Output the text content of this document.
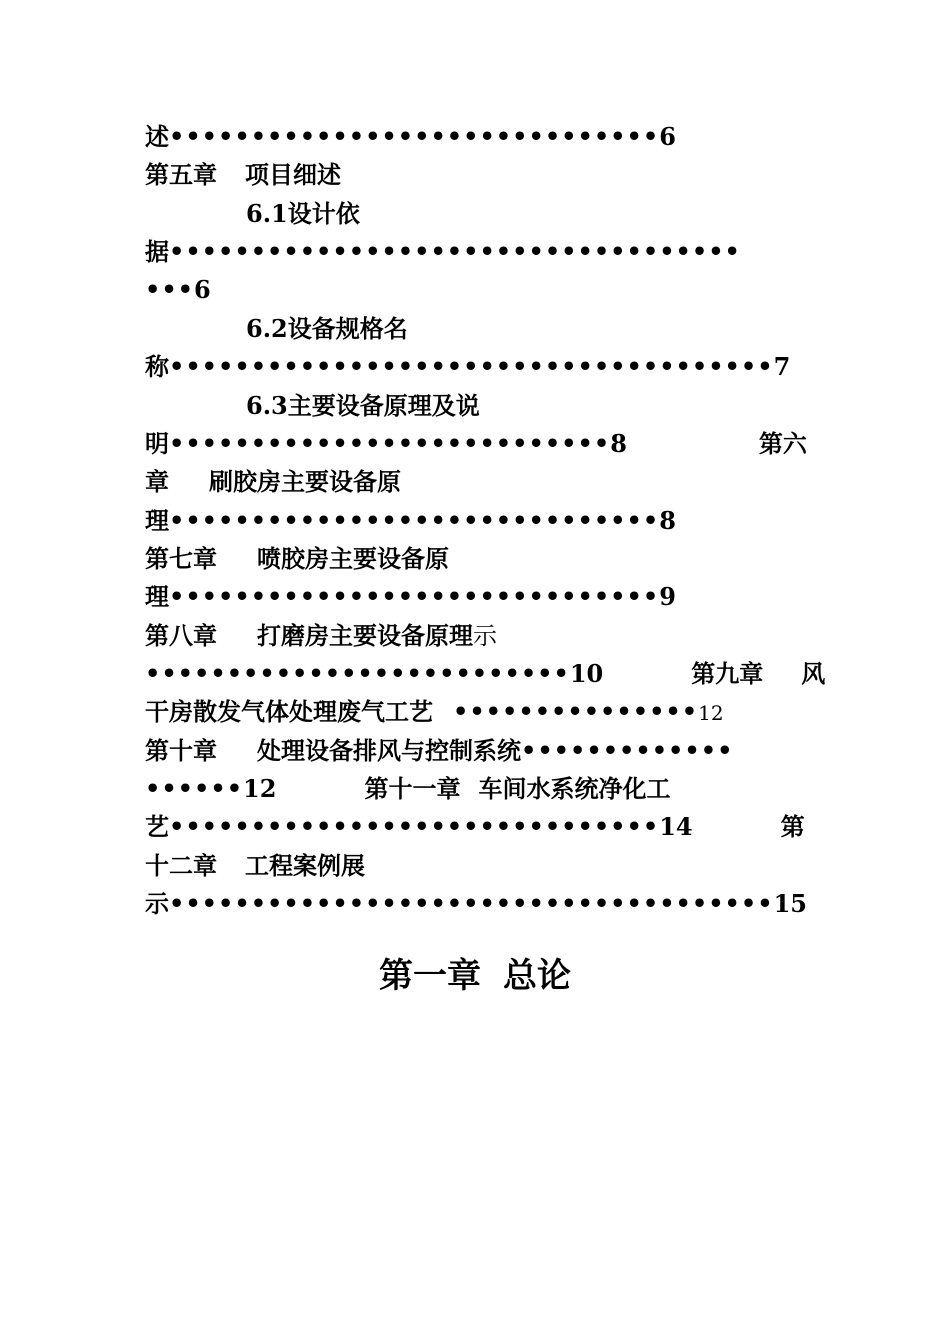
述••••••••••••••••••••••••••••••6
第五章 项目细述
6.1设计依
据•••••••••••••••••••••••••••••••••••
•••6
6.2设备规格名
称•••••••••••••••••••••••••••••••••••••7
6.3主要设备原理及说
明•••••••••••••••••••••••••••8	第六
章 刷胶房主要设备原
理••••••••••••••••••••••••••••••8
第七章 喷胶房主要设备原
理••••••••••••••••••••••••••••••9
第八章 打磨房主要设备原理示
••••••••••••••••••••••••••10	第九章 风
干房散发气体处理废气工艺 •••••••••••••••12
第十章 处理设备排风与控制系统•••••••••••••
••••••12	第十一章 车间水系统净化工
艺••••••••••••••••••••••••••••••14	第
十二章 工程案例展
示•••••••••••••••••••••••••••••••••••••15
第一章 总论
